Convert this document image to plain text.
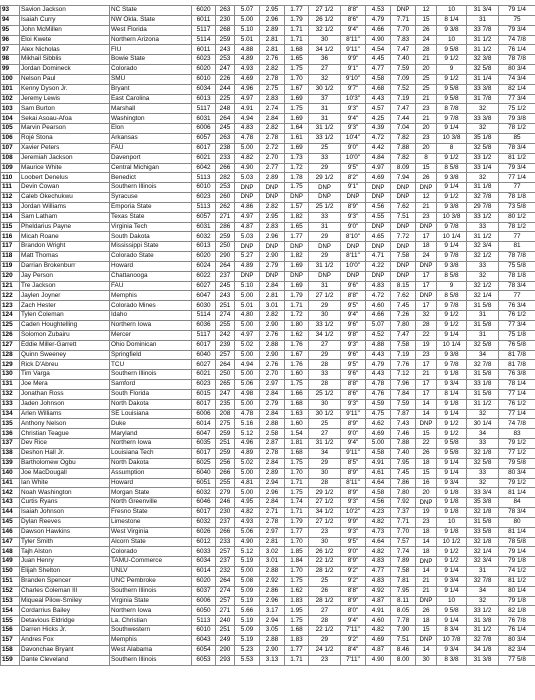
93	Savion Jackson	NC State	6020	263	5.07	2.95	1.77	27 1/2	8'8"	4.53	DNP	12	10	31 3/4	79 1/4
94	Isaiah Curry	NW Okla. State	6011	230	5.00	2.96	1.79	26 1/2	8'6"	4.79	7.71	15	8 1/4	31	75
95	John McMillen	West Florida	5117	268	5.10	2.89	1.71	32 1/2	9'4"	4.66	7.70	26	9 3/8	33 7/8	79 3/4
96	Eloi Kwete	Northern Arizona	5114	259	5.01	2.81	1.71	30	8'11"	4.90	7.83	24	10	31 1/2	74 7/8
97	Alex Nicholas	FIU	6011	243	4.88	2.81	1.68	34 1/2	9'11"	4.54	7.47	28	9 5/8	31 1/2	76 1/4
98	Mikhail Sibblis	Bowie State	6023	253	4.89	2.76	1.65	36	9'9"	4.45	7.40	21	9 1/2	32 3/8	78 7/8
99	Jordan Domineck	Colorado	6020	247	4.93	2.82	1.75	27	9'1"	4.77	7.59	20	9	32 5/8	80 3/4
100	Nelson Paul	SMU	6010	226	4.69	2.78	1.70	32	9'10"	4.58	7.09	25	9 1/2	31 1/4	74 3/4
101	Kenny Dyson Jr.	Bryant	6034	244	4.96	2.75	1.67	30 1/2	9'7"	4.68	7.52	25	9 5/8	33 3/8	82 1/4
102	Jeremy Lewis	East Carolina	6013	225	4.97	2.83	1.69	37	10'3"	4.43	7.19	21	9 5/8	31 7/8	77 3/4
103	Sam Burton	Marshall	5117	248	4.91	2.74	1.75	31	9'3"	4.57	7.47	23	8 7/8	32	75 1/2
104	Sekai Asoau-Afoa	Washington	6031	264	4.94	2.84	1.69	31	9'4"	4.25	7.44	21	9 7/8	33 3/8	79 3/8
105	Marvin Pearson	Elon	6006	245	4.83	2.82	1.64	31 1/2	9'3"	4.39	7.04	20	9 1/4	32	78 1/2
106	Rojé Stona	Arkansas	6057	263	4.78	2.78	1.61	33 1/2	10'4"	4.72	7.82	23	10 3/8	35 1/8	85
107	Xavier Peters	FAU	6017	238	5.00	2.72	1.69	25	9'0"	4.42	7.88	20	8	32 5/8	78 3/4
108	Jeremiah Jackson	Davenport	6021	233	4.82	2.70	1.73	33	10'0"	4.84	7.82	8	9 1/2	33 1/2	81 1/2
109	Maurice White	Central Michigan	6042	266	4.90	2.77	1.72	29	9'5"	4.97	8.09	15	8 5/8	33 1/4	79 3/4
110	Loobert Denelus	Benedict	5113	282	5.03	2.89	1.78	29 1/2	8'2"	4.69	7.94	26	9 3/8	32	77 1/4
111	Devin Cowan	Southern Illinois	6010	253	DNP	DNP	1.75	DNP	9'1"	DNP	DNP	DNP	9 1/4	31 1/8	77
112	Caleb Okechukwu	Syracuse	6023	260	DNP	DNP	DNP	DNP	DNP	DNP	DNP	12	9 1/2	32 7/8	78 1/8
113	Jordan Williams	Emporia State	5113	262	4.86	2.82	1.57	25 1/2	8'9"	4.56	7.62	21	9 3/8	29 7/8	73 5/8
114	Sam Latham	Texas State	6057	271	4.97	2.95	1.82	33	9'3"	4.55	7.51	23	10 3/8	33 1/2	80 1/2
115	Pheldarius Payne	Virginia Tech	6031	286	4.87	2.83	1.65	31	9'0"	DNP	DNP	DNP	9 7/8	33	78 1/2
116	Micah Roane	South Dakota	6032	259	5.03	2.96	1.77	29	8'10"	4.65	7.72	17	10 1/4	31 1/2	77
117	Brandon Wright	Mississippi State	6013	250	DNP	DNP	DNP	DNP	DNP	DNP	DNP	18	9 1/4	32 3/4	81
118	Matt Thomas	Colorado State	6020	290	5.27	2.90	1.82	29	8'11"	4.71	7.58	24	9 7/8	32 1/2	78 7/8
119	Darrian Brokenburr	Howard	6024	264	4.89	2.79	1.69	31 1/2	10'0"	4.22	DNP	DNP	9 3/8	33	75 5/8
120	Jay Person	Chattanooga	6022	237	DNP	DNP	DNP	DNP	DNP	DNP	DNP	17	8 5/8	32	78 1/8
121	Tre Jackson	FAU	6027	245	5.10	2.84	1.69	31	9'6"	4.83	8.15	17	9	32 1/2	78 3/4
122	Jaylen Joyner	Memphis	6047	243	5.00	2.81	1.79	27 1/2	8'8"	4.72	7.62	DNP	8 5/8	32 1/4	77
123	Zach Hester	Colorado Mines	6030	251	5.01	3.01	1.71	29	9'5"	4.60	7.45	17	9 7/8	31 5/8	76 3/4
124	Tylen Coleman	Idaho	5114	274	4.80	2.82	1.72	30	9'4"	4.66	7.26	32	9 1/2	31	76 1/2
125	Caden Houghtelling	Northern Iowa	6036	255	5.00	2.90	1.80	33 1/2	9'6"	5.07	7.80	28	9 1/2	31 5/8	77 3/4
126	Solomon Zubairu	Mercer	5117	242	4.97	2.76	1.62	34 1/2	9'8"	4.52	7.47	22	9 1/4	31	75 1/8
127	Eddie Miller-Garrett	Ohio Dominican	6017	239	5.02	2.88	1.76	27	9'3"	4.88	7.58	19	10 1/4	32 5/8	76 5/8
128	Quinn Sweeney	Springfield	6040	257	5.00	2.90	1.67	29	9'6"	4.43	7.19	23	9 3/8	34	81 7/8
129	Rick D'Abreu	TCU	6027	264	4.94	2.76	1.76	28	9'5"	4.79	7.76	17	9 7/8	32 7/8	81 7/8
130	Tim Varga	Southern Illinois	6021	250	5.00	2.70	1.60	33	9'6"	4.43	7.12	21	9 1/8	31 5/8	76 3/8
131	Joe Mera	Samford	6023	265	5.06	2.97	1.75	28	8'8"	4.78	7.96	17	9 3/4	33 1/8	78 1/4
132	Jonathan Ross	South Florida	6015	247	4.98	2.84	1.66	25 1/2	8'6"	4.76	7.84	17	8 1/4	31 5/8	77 1/4
133	Jaden Johnson	North Dakota	6017	235	5.00	2.79	1.68	30	9'3"	4.59	7.59	14	9 1/8	31 1/2	76 1/2
134	Arlen Williams	SE Louisiana	6006	208	4.78	2.84	1.63	30 1/2	9'11"	4.75	7.87	14	9 1/4	32	77 1/4
135	Anthony Nelson	Duke	6014	275	5.16	2.88	1.60	25	8'9"	4.62	7.43	DNP	9 1/2	30 1/4	74 7/8
136	Christian Teague	Maryland	6047	259	5.12	2.58	1.54	27	9'0"	4.69	7.46	15	9 1/2	34	83
137	Dev Rice	Northern Iowa	6035	251	4.96	2.87	1.81	31 1/2	9'4"	5.00	7.88	22	9 5/8	33	79 1/2
138	Deshon Hall Jr.	Louisiana Tech	6017	259	4.89	2.78	1.68	34	9'11"	4.58	7.40	26	9 5/8	32 1/8	77 1/2
139	Bartholomew Ogbu	North Dakota	6025	256	5.02	2.84	1.75	29	8'5"	4.91	7.95	18	9 1/4	32 5/8	79 5/8
140	Joe MacDougall	Assumption	6040	266	5.00	2.89	1.70	30	8'9"	4.61	7.45	15	9 1/4	33	80 3/4
141	Ian White	Howard	6051	255	4.81	2.94	1.71	28	8'11"	4.64	7.86	16	9 3/4	32	79 1/2
142	Noah Washington	Morgan State	6032	279	5.00	2.96	1.75	29 1/2	8'9"	4.58	7.80	20	9 1/8	33 3/4	81 1/4
143	Curtis Ryans	North Greenville	6046	246	4.95	2.84	1.74	27 1/2	9'3"	4.56	7.92	DNP	9 1/8	35 3/8	84
144	Isaiah Johnson	Fresno State	6017	230	4.82	2.71	1.71	34 1/2	10'2"	4.23	7.37	19	9 1/8	32 1/8	78 3/4
145	Dylan Reeves	Limestone	6032	237	4.93	2.78	1.79	27 1/2	9'9"	4.82	7.71	23	10	31 5/8	80
146	Dawson Hawkins	West Virginia	6026	266	5.06	2.97	1.77	23	9'3"	4.73	7.70	18	9 1/8	33 5/8	81 1/4
147	Tyler Smith	Alcorn State	6012	233	4.90	2.81	1.70	30	9'5"	4.64	7.57	14	10 1/2	32 1/8	78 5/8
148	Tajh Alston	Colorado	6033	257	5.12	3.02	1.85	26 1/2	9'0"	4.82	7.74	18	9 1/2	32 1/4	79 1/4
149	Juan Henry	TAMU-Commerce	6034	237	5.19	3.01	1.84	22 1/2	8'9"	4.83	7.89	DNP	9 1/2	32 3/4	79 1/8
150	Elijah Shelton	UNLV	6014	232	5.00	2.88	1.70	28 1/2	9'2"	4.77	7.58	14	9 1/4	31	74 1/2
151	Branden Spencer	UNC Pembroke	6020	264	5.08	2.92	1.75	25	9'2"	4.83	7.81	21	9 3/4	32 7/8	81 1/2
152	Charles Coleman III	Southern Illinois	6037	274	5.09	2.86	1.62	26	8'8"	4.92	7.95	21	9 1/4	34	80 1/4
153	Miqueal Pilow-Smiley	Virginia State	6006	257	5.19	2.96	1.83	28 1/2	8'9"	4.87	8.11	DNP	10	32	79 1/8
154	Cordarrius Bailey	Northern Iowa	6050	271	5.66	3.17	1.95	27	8'0"	4.91	8.05	26	9 5/8	33 1/2	82 1/8
155	Detavious Eldridge	La. Christian	5113	240	5.19	2.94	1.75	28	9'4"	4.60	7.78	18	9 1/4	31 3/8	76 7/8
156	Darren Hicks Jr.	Southwestern	6010	251	5.09	3.05	1.68	22 1/2	7'11"	4.82	7.90	15	8 3/4	31 1/2	76 1/4
157	Andres Fox	Memphis	6043	249	5.19	2.88	1.83	29	9'2"	4.69	7.51	DNP	10 7/8	32 7/8	80 3/4
158	Davonchae Bryant	West Alabama	6054	290	5.23	2.90	1.77	24 1/2	8'4"	4.87	8.46	14	9 3/4	34 1/8	82 3/4
159	Dante Cleveland	Southern Illinois	6053	293	5.53	3.13	1.71	23	7'11"	4.90	8.00	30	8 3/8	31 3/8	77 5/8
